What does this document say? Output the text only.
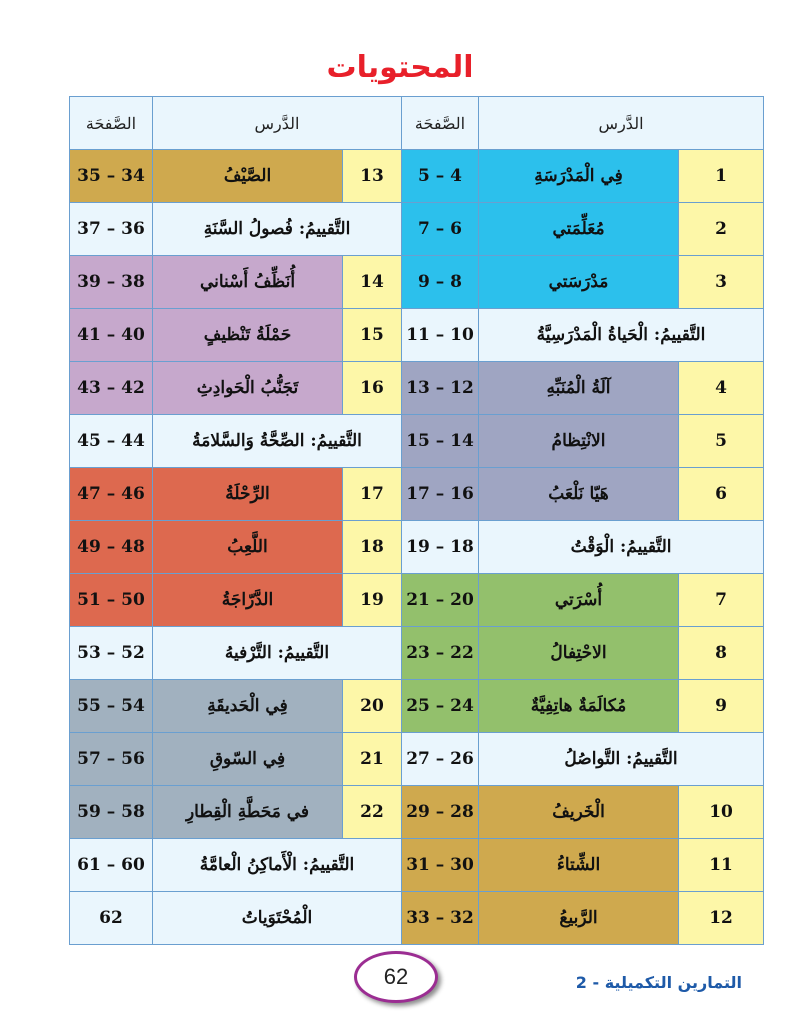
المحتويات
الصَّفحَة	الدَّرس		الصَّفحَة	الدَّرس	
35 – 34	الصَّيْفُ	13	5 – 4	فِي الْمَدْرَسَةِ	1
37 – 36	التَّقييمُ: فُصولُ السَّنَةِ		7 – 6	مُعَلِّمَتي	2
39 – 38	أُنَظِّفُ أَسْناني	14	9 – 8	مَدْرَسَتي	3
41 – 40	حَمْلَةُ تَنْظيفٍ	15	11 – 10	التَّقييمُ: الْحَياةُ الْمَدْرَسِيَّةُ	
43 – 42	تَجَنُّبُ الْحَوادِثِ	16	13 – 12	آلَةُ الْمُنَبِّهِ	4
45 – 44	التَّقييمُ: الصِّحَّةُ وَالسَّلامَةُ		15 – 14	الانْتِظامُ	5
47 – 46	الرِّحْلَةُ	17	17 – 16	هَيّا نَلْعَبُ	6
49 – 48	اللَّعِبُ	18	19 – 18	التَّقييمُ: الْوَقْتُ	
51 – 50	الدَّرّاجَةُ	19	21 – 20	أُسْرَتي	7
53 – 52	التَّقييمُ: التَّرْفيهُ		23 – 22	الاحْتِفالُ	8
55 – 54	فِي الْحَديقَةِ	20	25 – 24	مُكالَمَةٌ هاتِفِيَّةٌ	9
57 – 56	فِي السّوقِ	21	27 – 26	التَّقييمُ: التَّواصُلُ	
59 – 58	في مَحَطَّةِ الْقِطارِ	22	29 – 28	الْخَريفُ	10
61 – 60	التَّقييمُ: الْأَماكِنُ الْعامَّةُ		31 – 30	الشِّتاءُ	11
62	الْمُحْتَوَياتُ		33 – 32	الرَّبيعُ	12
62	التمارين التكميلية - 2
